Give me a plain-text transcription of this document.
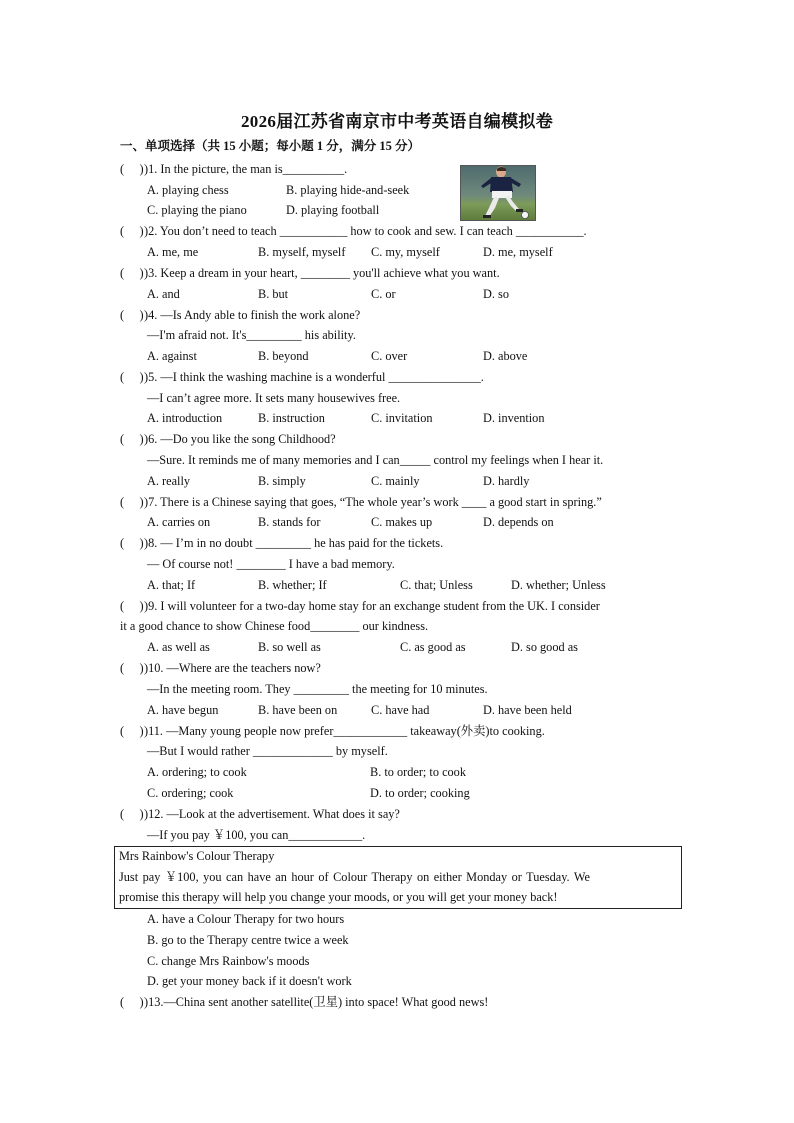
2026届江苏省南京市中考英语自编模拟卷
一、单项选择（共 15 小题；每小题 1 分，满分 15 分）
(　 ) )1. In the picture, the man is__________.
A. playing chess	B. playing hide-and-seek
C. playing the piano	D. playing football
(　 ) )2. You don’t need to teach ___________ how to cook and sew. I can teach ___________.
A. me, me	B. myself, myself C. my, myself	D. me, myself
(　 ) )3. Keep a dream in your heart, ________ you'll achieve what you want.
A. and	B. but	C. or	D. so
(　 ) )4. —Is Andy able to finish the work alone?
—I'm afraid not. It's_________ his ability.
A. against	B. beyond	C. over	D. above
(　 ) )5. —I think the washing machine is a wonderful _______________.
—I can’t agree more. It sets many housewives free.
A. introduction	B. instruction	C. invitation	D. invention
(　 ) )6. —Do you like the song Childhood?
—Sure. It reminds me of many memories and I can_____ control my feelings when I hear it.
A. really	B. simply	C. mainly	D. hardly
(　 ) )7. There is a Chinese saying that goes, “The whole year’s work ____ a good start in spring.”
A. carries on	B. stands for	C. makes up	D. depends on
(　 ) )8. — I’m in no doubt _________ he has paid for the tickets.
— Of course not! ________ I have a bad memory.
A. that; If	B. whether; If	C. that; Unless	D. whether; Unless
(　 ) )9. I will volunteer for a two-day home stay for an exchange student from the UK. I consider
it a good chance to show Chinese food________ our kindness.
A. as well as	B. so well as	C. as good as	D. so good as
(　 ) )10. —Where are the teachers now?
—In the meeting room. They _________ the meeting for 10 minutes.
A. have begun	B. have been on	C. have had	D. have been held
(　 ) )11. —Many young people now prefer____________ takeaway(外卖)to cooking.
—But I would rather _____________ by myself.
A. ordering; to cook	B. to order; to cook
C. ordering; cook	D. to order; cooking
(　 ) )12. —Look at the advertisement. What does it say?
—If you pay ￥100, you can____________.
Mrs Rainbow's Colour Therapy
Just pay ￥100, you can have an hour of Colour Therapy on either Monday or Tuesday. We
promise this therapy will help you change your moods, or you will get your money back!
A. have a Colour Therapy for two hours
B. go to the Therapy centre twice a week
C. change Mrs Rainbow's moods
D. get your money back if it doesn't work
(　 ) )13.—China sent another satellite(卫星) into space! What good news!
